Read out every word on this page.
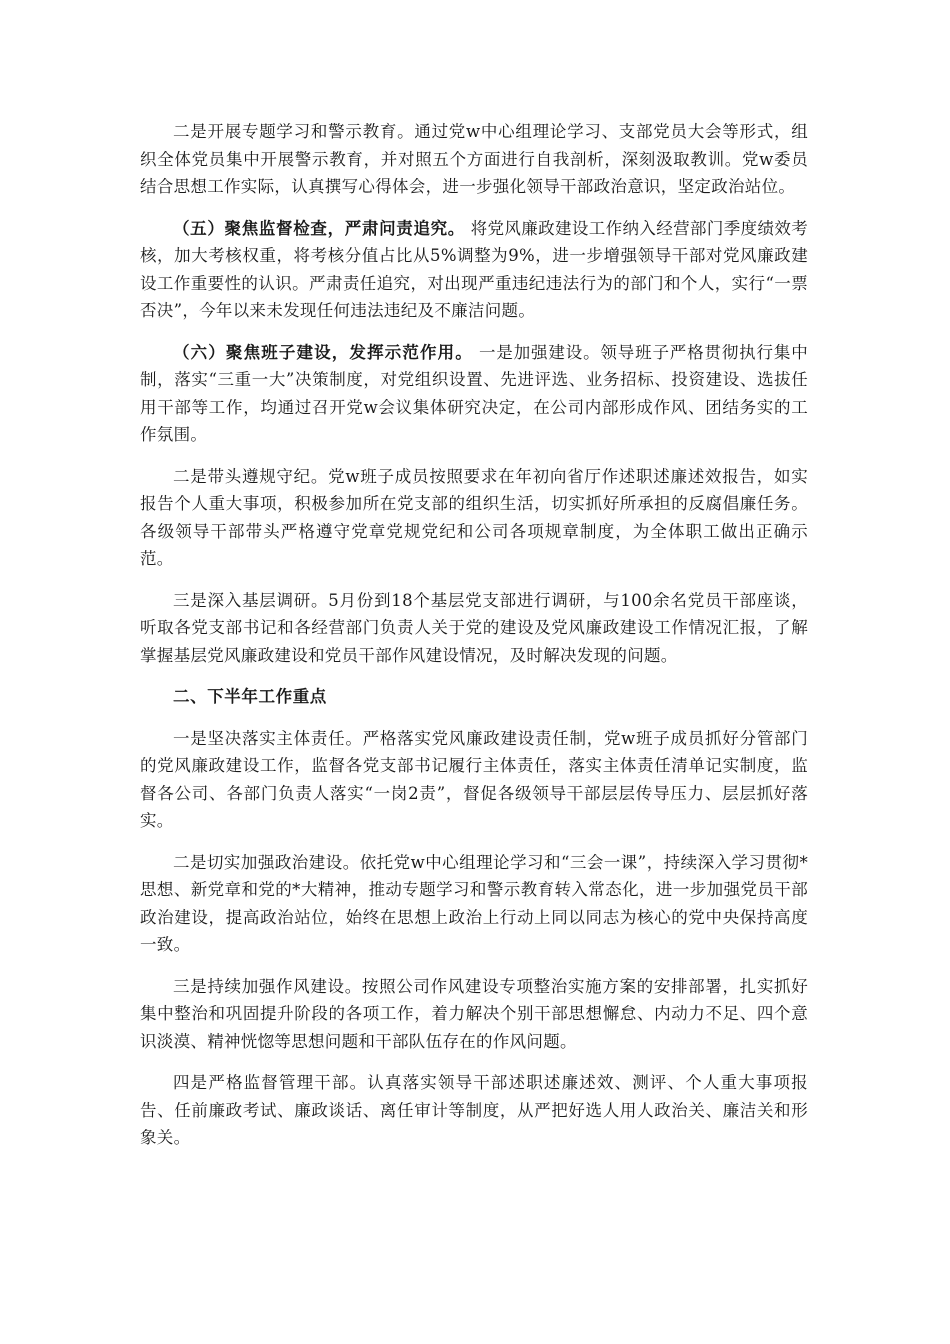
二是开展专题学习和警示教育。通过党w中心组理论学习、支部党员大会等形式，组织全体党员集中开展警示教育，并对照五个方面进行自我剖析，深刻汲取教训。党w委员结合思想工作实际，认真撰写心得体会，进一步强化领导干部政治意识，坚定政治站位。

（五）聚焦监督检查，严肃问责追究。 将党风廉政建设工作纳入经营部门季度绩效考核，加大考核权重，将考核分值占比从5%调整为9%，进一步增强领导干部对党风廉政建设工作重要性的认识。严肃责任追究，对出现严重违纪违法行为的部门和个人，实行“一票否决”，今年以来未发现任何违法违纪及不廉洁问题。

（六）聚焦班子建设，发挥示范作用。 一是加强建设。领导班子严格贯彻执行集中制，落实“三重一大”决策制度，对党组织设置、先进评选、业务招标、投资建设、选拔任用干部等工作，均通过召开党w会议集体研究决定，在公司内部形成作风、团结务实的工作氛围。

二是带头遵规守纪。党w班子成员按照要求在年初向省厅作述职述廉述效报告，如实报告个人重大事项，积极参加所在党支部的组织生活，切实抓好所承担的反腐倡廉任务。各级领导干部带头严格遵守党章党规党纪和公司各项规章制度，为全体职工做出正确示范。

三是深入基层调研。5月份到18个基层党支部进行调研，与100余名党员干部座谈，听取各党支部书记和各经营部门负责人关于党的建设及党风廉政建设工作情况汇报，了解掌握基层党风廉政建设和党员干部作风建设情况，及时解决发现的问题。

二、下半年工作重点

一是坚决落实主体责任。严格落实党风廉政建设责任制，党w班子成员抓好分管部门的党风廉政建设工作，监督各党支部书记履行主体责任，落实主体责任清单记实制度，监督各公司、各部门负责人落实“一岗2责”，督促各级领导干部层层传导压力、层层抓好落实。

二是切实加强政治建设。依托党w中心组理论学习和“三会一课”，持续深入学习贯彻*思想、新党章和党的*大精神，推动专题学习和警示教育转入常态化，进一步加强党员干部政治建设，提高政治站位，始终在思想上政治上行动上同以同志为核心的党中央保持高度一致。

三是持续加强作风建设。按照公司作风建设专项整治实施方案的安排部署，扎实抓好集中整治和巩固提升阶段的各项工作，着力解决个别干部思想懈怠、内动力不足、四个意识淡漠、精神恍惚等思想问题和干部队伍存在的作风问题。

四是严格监督管理干部。认真落实领导干部述职述廉述效、测评、个人重大事项报告、任前廉政考试、廉政谈话、离任审计等制度，从严把好选人用人政治关、廉洁关和形象关。
